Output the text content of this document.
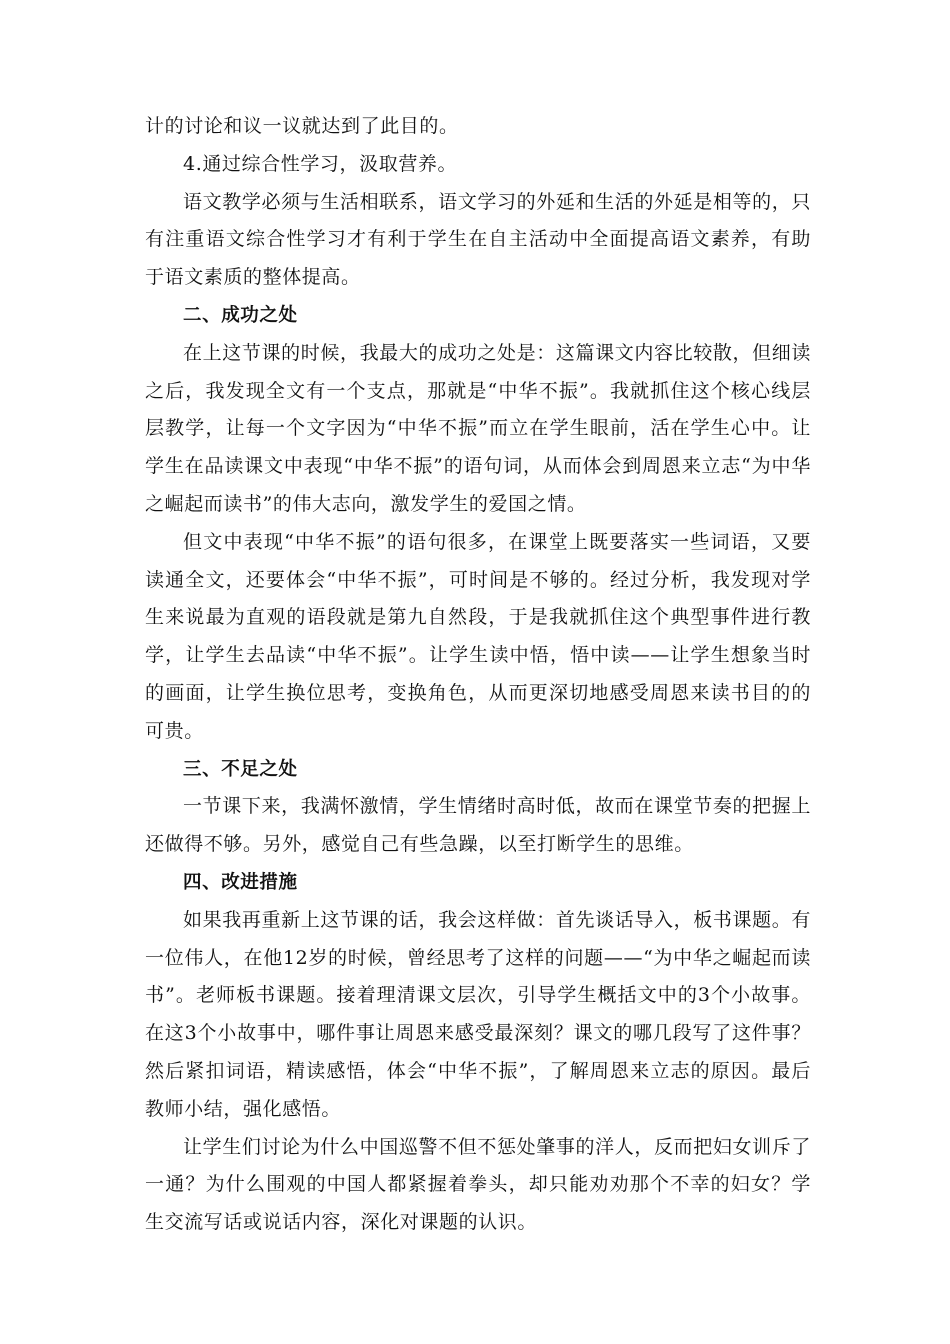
计的讨论和议一议就达到了此目的。

4.通过综合性学习，汲取营养。

语文教学必须与生活相联系，语文学习的外延和生活的外延是相等的，只有注重语文综合性学习才有利于学生在自主活动中全面提高语文素养，有助于语文素质的整体提高。

二、成功之处

在上这节课的时候，我最大的成功之处是：这篇课文内容比较散，但细读之后，我发现全文有一个支点，那就是“中华不振”。我就抓住这个核心线层层教学，让每一个文字因为“中华不振”而立在学生眼前，活在学生心中。让学生在品读课文中表现“中华不振”的语句词，从而体会到周恩来立志“为中华之崛起而读书”的伟大志向，激发学生的爱国之情。

但文中表现“中华不振”的语句很多，在课堂上既要落实一些词语，又要读通全文，还要体会“中华不振”，可时间是不够的。经过分析，我发现对学生来说最为直观的语段就是第九自然段，于是我就抓住这个典型事件进行教学，让学生去品读“中华不振”。让学生读中悟，悟中读——让学生想象当时的画面，让学生换位思考，变换角色，从而更深切地感受周恩来读书目的的可贵。

三、不足之处

一节课下来，我满怀激情，学生情绪时高时低，故而在课堂节奏的把握上还做得不够。另外，感觉自己有些急躁，以至打断学生的思维。

四、改进措施

如果我再重新上这节课的话，我会这样做：首先谈话导入，板书课题。有一位伟人，在他12岁的时候，曾经思考了这样的问题——“为中华之崛起而读书”。老师板书课题。接着理清课文层次，引导学生概括文中的3个小故事。在这3个小故事中，哪件事让周恩来感受最深刻？课文的哪几段写了这件事？然后紧扣词语，精读感悟，体会“中华不振”，了解周恩来立志的原因。最后教师小结，强化感悟。

让学生们讨论为什么中国巡警不但不惩处肇事的洋人，反而把妇女训斥了一通？为什么围观的中国人都紧握着拳头，却只能劝劝那个不幸的妇女？学生交流写话或说话内容，深化对课题的认识。
